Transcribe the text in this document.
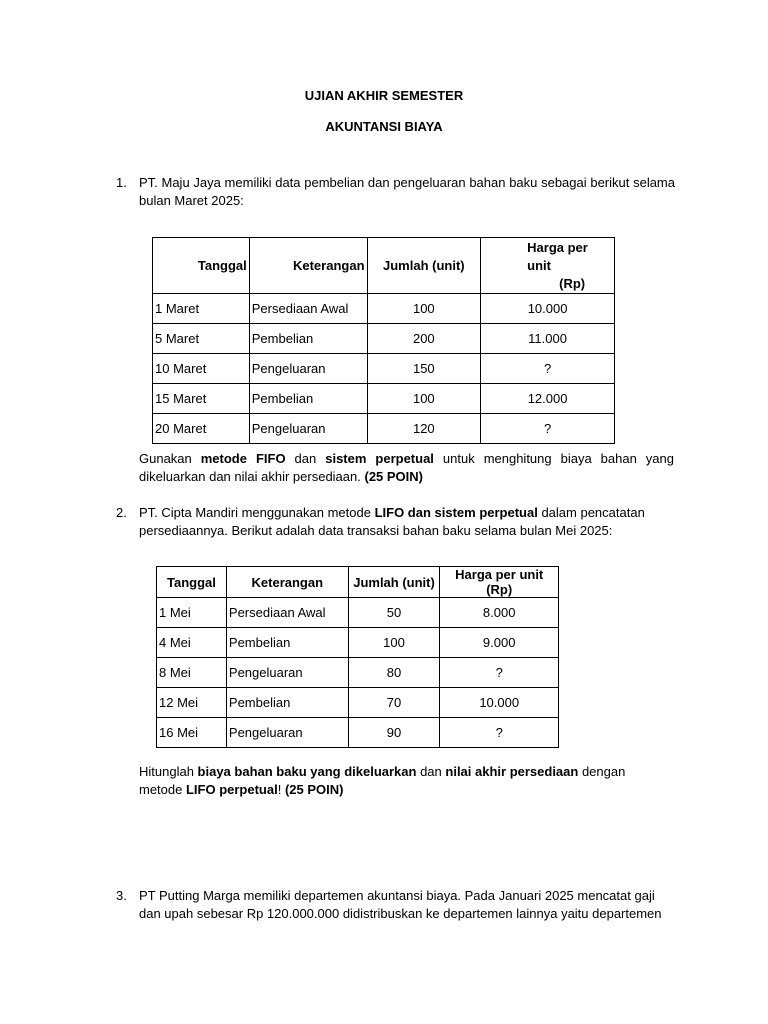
UJIAN AKHIR SEMESTER
AKUNTANSI BIAYA
1. PT. Maju Jaya memiliki data pembelian dan pengeluaran bahan baku sebagai berikut selama bulan Maret 2025:
Tanggal	Keterangan	Jumlah (unit)	Harga per unit
(Rp)

1 Maret	Persediaan Awal	100	10.000
5 Maret	Pembelian	200	11.000
10 Maret	Pengeluaran	150	?
15 Maret	Pembelian	100	12.000
20 Maret	Pengeluaran	120	?
Gunakan metode FIFO dan sistem perpetual untuk menghitung biaya bahan yang dikeluarkan dan nilai akhir persediaan. (25 POIN)
2. PT. Cipta Mandiri menggunakan metode LIFO dan sistem perpetual dalam pencatatan persediaannya. Berikut adalah data transaksi bahan baku selama bulan Mei 2025:
Tanggal	Keterangan	Jumlah (unit)	Harga per unit (Rp)
1 Mei	Persediaan Awal	50	8.000
4 Mei	Pembelian	100	9.000
8 Mei	Pengeluaran	80	?
12 Mei	Pembelian	70	10.000
16 Mei	Pengeluaran	90	?
Hitunglah biaya bahan baku yang dikeluarkan dan nilai akhir persediaan dengan metode LIFO perpetual! (25 POIN)
3. PT Putting Marga memiliki departemen akuntansi biaya. Pada Januari 2025 mencatat gaji dan upah sebesar Rp 120.000.000 didistribuskan ke departemen lainnya yaitu departemen
